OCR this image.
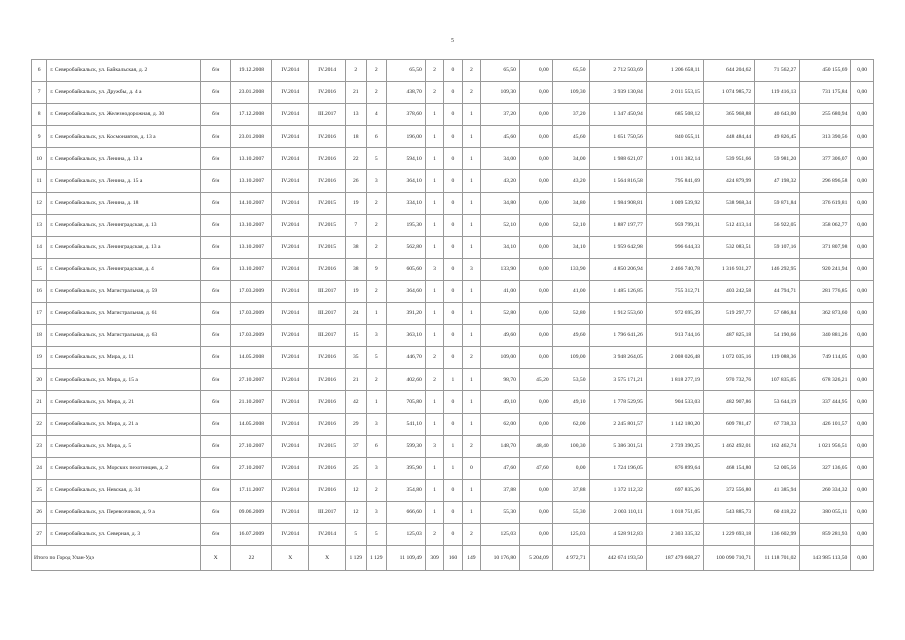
5
6	г. Северобайкальск, ул. Байкальская, д. 2	б/н	19.12.2008	IV.2014	IV.2014	2	2	65,50	2	0	2	65,50	0,00	65,50	2 712 503,69	1 206 658,11	644 204,62	71 562,27	450 155,69	0,00
7	г. Северобайкальск, ул. Дружбы, д. 4 а	б/н	23.01.2008	IV.2014	IV.2016	21	2	438,70	2	0	2	109,30	0,00	109,30	3 939 130,84	2 011 553,15	1 074 985,72	119 416,13	731 175,84	0,00
8	г. Северобайкальск, ул. Железнодорожная, д. 30	б/н	17.12.2008	IV.2014	III.2017	13	4	378,60	1	0	1	37,20	0,00	37,20	1 347 450,94	685 508,12	365 968,88	40 643,00	255 680,94	0,00
9	г. Северобайкальск, ул. Космонавтов, д. 13 а	б/н	23.01.2008	IV.2014	IV.2016	18	6	196,00	1	0	1	45,60	0,00	45,60	1 651 750,56	840 055,11	448 484,44	49 826,45	313 390,56	0,00
10	г. Северобайкальск, ул. Ленина, д. 13 а	б/н	13.10.2007	IV.2014	IV.2016	22	5	594,10	1	0	1	34,00	0,00	34,00	1 988 621,07	1 011 382,14	539 951,66	59 981,20	377 306,07	0,00
11	г. Северобайкальск, ул. Ленина, д. 15 а	б/н	13.10.2007	IV.2014	IV.2016	26	3	364,10	1	0	1	43,20	0,00	43,20	1 564 816,58	795 841,69	424 879,99	47 198,32	296 896,58	0,00
12	г. Северобайкальск, ул. Ленина, д. 18	б/н	14.10.2007	IV.2014	IV.2015	19	2	334,10	1	0	1	34,80	0,00	34,80	1 984 908,81	1 009 539,92	538 968,34	59 871,84	376 619,81	0,00
13	г. Северобайкальск, ул. Ленинградская, д. 13	б/н	13.10.2007	IV.2014	IV.2015	7	2	195,30	1	0	1	52,10	0,00	52,10	1 887 197,77	959 799,31	512 413,14	56 922,05	358 062,77	0,00
14	г. Северобайкальск, ул. Ленинградская, д. 13 а	б/н	13.10.2007	IV.2014	IV.2015	38	2	562,80	1	0	1	34,10	0,00	34,10	1 959 642,98	996 644,33	532 083,51	59 107,16	371 807,98	0,00
15	г. Северобайкальск, ул. Ленинградская, д. 4	б/н	13.10.2007	IV.2014	IV.2016	38	9	605,60	3	0	3	133,90	0,00	133,90	4 850 206,94	2 466 740,78	1 316 931,27	146 292,95	920 241,94	0,00
16	г. Северобайкальск, ул. Магистральная, д. 59	б/н	17.03.2009	IV.2014	III.2017	19	2	364,60	1	0	1	41,00	0,00	41,00	1 485 126,85	755 312,71	403 242,58	44 794,71	281 776,85	0,00
17	г. Северобайкальск, ул. Магистральная, д. 61	б/н	17.03.2009	IV.2014	III.2017	24	1	391,20	1	0	1	52,80	0,00	52,80	1 912 553,60	972 695,39	519 297,77	57 686,84	362 873,60	0,00
18	г. Северобайкальск, ул. Магистральная, д. 63	б/н	17.03.2009	IV.2014	III.2017	15	3	363,10	1	0	1	49,60	0,00	49,60	1 796 641,26	913 744,16	487 825,18	54 190,66	340 881,26	0,00
19	г. Северобайкальск, ул. Мира, д. 11	б/н	14.05.2008	IV.2014	IV.2016	35	5	446,70	2	0	2	109,00	0,00	109,00	3 948 264,05	2 008 026,48	1 072 035,16	119 088,36	749 114,05	0,00
20	г. Северобайкальск, ул. Мира, д. 15 а	б/н	27.10.2007	IV.2014	IV.2016	21	2	402,60	2	1	1	98,70	45,20	53,50	3 575 171,21	1 818 277,19	970 732,76	107 835,05	678 326,21	0,00
21	г. Северобайкальск, ул. Мира, д. 21	б/н	21.10.2007	IV.2014	IV.2016	42	1	705,80	1	0	1	49,10	0,00	49,10	1 778 529,95	904 533,03	482 907,86	53 644,19	337 444,95	0,00
22	г. Северобайкальск, ул. Мира, д. 21 а	б/н	14.05.2008	IV.2014	IV.2016	29	3	541,10	1	0	1	62,00	0,00	62,00	2 245 801,57	1 142 180,20	609 781,47	67 738,33	426 101,57	0,00
23	г. Северобайкальск, ул. Мира, д. 5	б/н	27.10.2007	IV.2014	IV.2015	37	6	599,30	3	1	2	148,70	48,40	100,30	5 386 301,51	2 739 390,25	1 462 492,01	162 462,74	1 021 956,51	0,00
24	г. Северобайкальск, ул. Морских пехотинцев, д. 2	б/н	27.10.2007	IV.2014	IV.2016	25	3	395,90	1	1	0	47,60	47,60	0,00	1 724 196,05	876 899,64	468 154,80	52 005,56	327 136,05	0,00
25	г. Северобайкальск, ул. Невская, д. 34	б/н	17.11.2007	IV.2014	IV.2016	12	2	354,80	1	0	1	37,88	0,00	37,88	1 372 112,32	697 835,26	372 556,80	41 385,94	260 334,32	0,00
26	г. Северобайкальск, ул. Перевозчиков, д. 9 а	б/н	09.06.2009	IV.2014	III.2017	12	3	666,60	1	0	1	55,30	0,00	55,30	2 003 110,11	1 018 751,05	543 885,73	60 418,22	380 055,11	0,00
27	г. Северобайкальск, ул. Северная, д. 3	б/н	16.07.2009	IV.2014	IV.2014	5	5	125,03	2	0	2	125,03	0,00	125,03	4 528 912,83	2 303 335,32	1 229 693,18	136 602,99	859 281,93	0,00
Итого по Город Улан-Удэ		X	22	X	X	1 129	1 129	11 109,49	309	160	149	10 176,80	5 204,09	4 972,71	442 674 193,50	187 479 668,27	100 090 710,71	11 118 701,02	143 985 113,50	0,00
